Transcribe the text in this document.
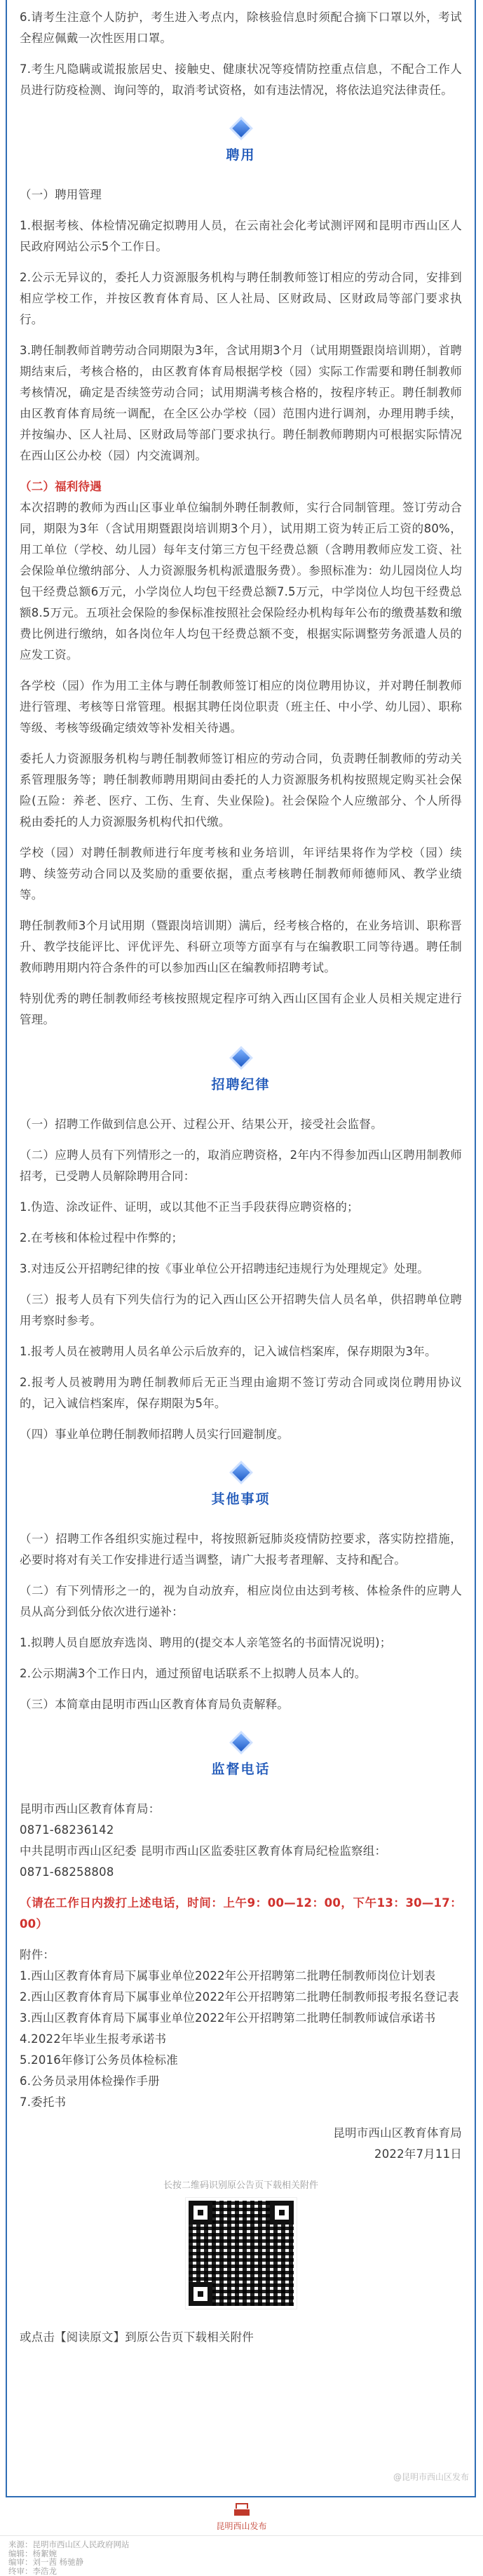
6.请考生注意个人防护，考生进入考点内，除核验信息时须配合摘下口罩以外，考试全程应佩戴一次性医用口罩。

7.考生凡隐瞒或谎报旅居史、接触史、健康状况等疫情防控重点信息，不配合工作人员进行防疫检测、询问等的，取消考试资格，如有违法情况，将依法追究法律责任。

聘用

（一）聘用管理

1.根据考核、体检情况确定拟聘用人员，在云南社会化考试测评网和昆明市西山区人民政府网站公示5个工作日。

2.公示无异议的，委托人力资源服务机构与聘任制教师签订相应的劳动合同，安排到相应学校工作，并按区教育体育局、区人社局、区财政局、区财政局等部门要求执行。

3.聘任制教师首聘劳动合同期限为3年，含试用期3个月（试用期暨跟岗培训期），首聘期结束后，考核合格的，由区教育体育局根据学校（园）实际工作需要和聘任制教师考核情况，确定是否续签劳动合同；试用期满考核合格的，按程序转正。聘任制教师由区教育体育局统一调配，在全区公办学校（园）范围内进行调剂，办理用聘手续，并按编办、区人社局、区财政局等部门要求执行。聘任制教师聘期内可根据实际情况在西山区公办校（园）内交流调剂。

（二）福利待遇

本次招聘的教师为西山区事业单位编制外聘任制教师，实行合同制管理。签订劳动合同，期限为3年（含试用期暨跟岗培训期3个月），试用期工资为转正后工资的80%，用工单位（学校、幼儿园）每年支付第三方包干经费总额（含聘用教师应发工资、社会保险单位缴纳部分、人力资源服务机构派遣服务费）。参照标准为：幼儿园岗位人均包干经费总额6万元，小学岗位人均包干经费总额7.5万元，中学岗位人均包干经费总额8.5万元。五项社会保险的参保标准按照社会保险经办机构每年公布的缴费基数和缴费比例进行缴纳，如各岗位年人均包干经费总额不变，根据实际调整劳务派遣人员的应发工资。

各学校（园）作为用工主体与聘任制教师签订相应的岗位聘用协议，并对聘任制教师进行管理、考核等日常管理。根据其聘任岗位职责（班主任、中小学、幼儿园）、职称等级、考核等级确定绩效等补发相关待遇。

委托人力资源服务机构与聘任制教师签订相应的劳动合同，负责聘任制教师的劳动关系管理服务等；聘任制教师聘用期间由委托的人力资源服务机构按照规定购买社会保险(五险：养老、医疗、工伤、生育、失业保险)。社会保险个人应缴部分、个人所得税由委托的人力资源服务机构代扣代缴。

学校（园）对聘任制教师进行年度考核和业务培训，年评结果将作为学校（园）续聘、续签劳动合同以及奖励的重要依据，重点考核聘任制教师师德师风、教学业绩等。

聘任制教师3个月试用期（暨跟岗培训期）满后，经考核合格的，在业务培训、职称晋升、教学技能评比、评优评先、科研立项等方面享有与在编教职工同等待遇。聘任制教师聘用期内符合条件的可以参加西山区在编教师招聘考试。

特别优秀的聘任制教师经考核按照规定程序可纳入西山区国有企业人员相关规定进行管理。

招聘纪律

（一）招聘工作做到信息公开、过程公开、结果公开，接受社会监督。

（二）应聘人员有下列情形之一的，取消应聘资格，2年内不得参加西山区聘用制教师招考，已受聘人员解除聘用合同：

1.伪造、涂改证件、证明，或以其他不正当手段获得应聘资格的；

2.在考核和体检过程中作弊的；

3.对违反公开招聘纪律的按《事业单位公开招聘违纪违规行为处理规定》处理。

（三）报考人员有下列失信行为的记入西山区公开招聘失信人员名单，供招聘单位聘用考察时参考。

1.报考人员在被聘用人员名单公示后放弃的，记入诚信档案库，保存期限为3年。

2.报考人员被聘用为聘任制教师后无正当理由逾期不签订劳动合同或岗位聘用协议的，记入诚信档案库，保存期限为5年。

（四）事业单位聘任制教师招聘人员实行回避制度。

其他事项

（一）招聘工作各组织实施过程中，将按照新冠肺炎疫情防控要求，落实防控措施，必要时将对有关工作安排进行适当调整，请广大报考者理解、支持和配合。

（二）有下列情形之一的，视为自动放弃，相应岗位由达到考核、体检条件的应聘人员从高分到低分依次进行递补：

1.拟聘人员自愿放弃选岗、聘用的(提交本人亲笔签名的书面情况说明)；

2.公示期满3个工作日内，通过预留电话联系不上拟聘人员本人的。

（三）本简章由昆明市西山区教育体育局负责解释。

监督电话

昆明市西山区教育体育局：

0871-68236142

中共昆明市西山区纪委 昆明市西山区监委驻区教育体育局纪检监察组：

0871-68258808

（请在工作日内拨打上述电话，时间：上午9：00—12：00，下午13：30—17：00）

附件：

1.西山区教育体育局下属事业单位2022年公开招聘第二批聘任制教师岗位计划表

2.西山区教育体育局下属事业单位2022年公开招聘第二批聘任制教师报考报名登记表

3.西山区教育体育局下属事业单位2022年公开招聘第二批聘任制教师诚信承诺书

4.2022年毕业生报考承诺书

5.2016年修订公务员体检标准

6.公务员录用体检操作手册

7.委托书

昆明市西山区教育体育局

2022年7月11日

长按二维码识别原公告页下载相关附件

或点击【阅读原文】到原公告页下载相关附件

@昆明市西山区发布
昆明西山发布
来源：昆明市西山区人民政府网站
编辑：杨絮婉
编审：刘一茜 杨驰静
终审：李浩龙
